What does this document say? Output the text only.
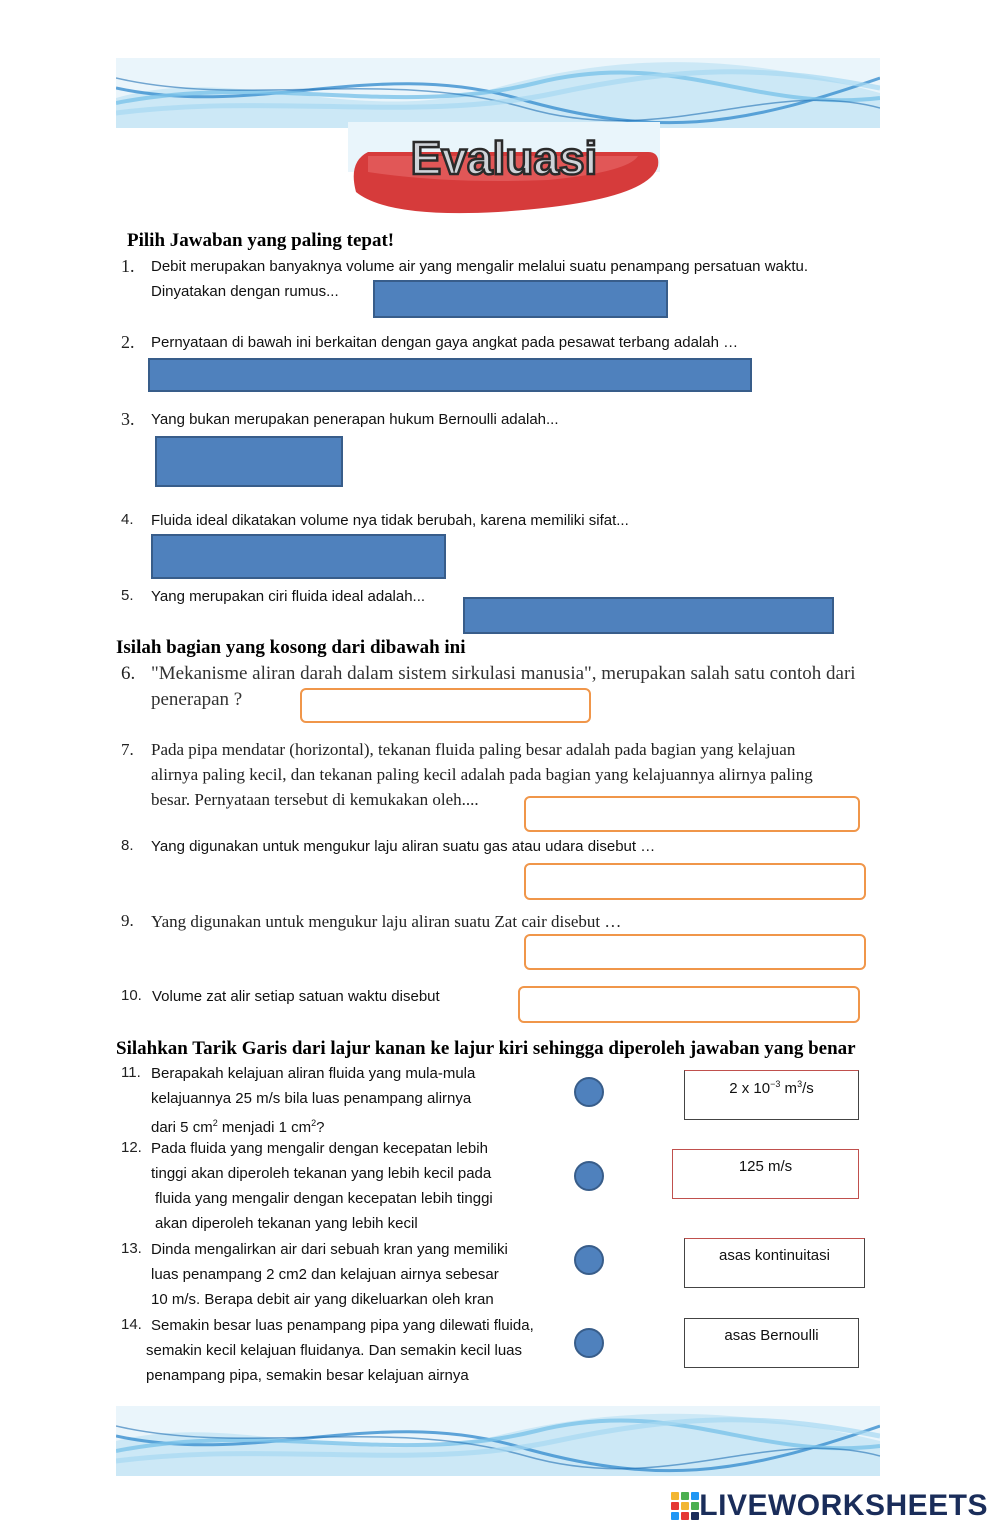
Evaluasi
Pilih Jawaban yang paling tepat!
1. Debit merupakan banyaknya volume air yang mengalir melalui suatu penampang persatuan waktu.
Dinyatakan dengan rumus...
2. Pernyataan di bawah ini berkaitan dengan gaya angkat pada pesawat terbang adalah …
3. Yang bukan merupakan penerapan hukum Bernoulli adalah...
4. Fluida ideal dikatakan volume nya tidak berubah, karena memiliki sifat...
5. Yang merupakan ciri fluida ideal adalah...
Isilah bagian yang kosong dari dibawah ini
6. "Mekanisme aliran darah dalam sistem sirkulasi manusia", merupakan salah satu contoh dari
penerapan ?
7. Pada pipa mendatar (horizontal), tekanan fluida paling besar adalah pada bagian yang kelajuan
alirnya paling kecil, dan tekanan paling kecil adalah pada bagian yang kelajuannya alirnya paling
besar. Pernyataan tersebut di kemukakan oleh....
8. Yang digunakan untuk mengukur laju aliran suatu gas atau udara disebut …
9. Yang digunakan untuk mengukur laju aliran suatu Zat cair disebut …
10. Volume zat alir setiap satuan waktu disebut
Silahkan Tarik Garis dari lajur kanan ke lajur kiri sehingga diperoleh jawaban yang benar
11. Berapakah kelajuan aliran fluida yang mula-mula
kelajuannya 25 m/s bila luas penampang alirnya
dari 5 $cm^2$ menjadi 1 $cm^2$?
12. Pada fluida yang mengalir dengan kecepatan lebih
tinggi akan diperoleh tekanan yang lebih kecil pada
fluida yang mengalir dengan kecepatan lebih tinggi
akan diperoleh tekanan yang lebih kecil
13. Dinda mengalirkan air dari sebuah kran yang memiliki
luas penampang 2 cm2 dan kelajuan airnya sebesar
10 m/s. Berapa debit air yang dikeluarkan oleh kran
14. Semakin besar luas penampang pipa yang dilewati fluida,
semakin kecil kelajuan fluidanya. Dan semakin kecil luas
penampang pipa, semakin besar kelajuan airnya
2 x $10^{-3}$ $m^3/s$
125 m/s
asas kontinuitasi
asas Bernoulli
LIVEWORKSHEETS
